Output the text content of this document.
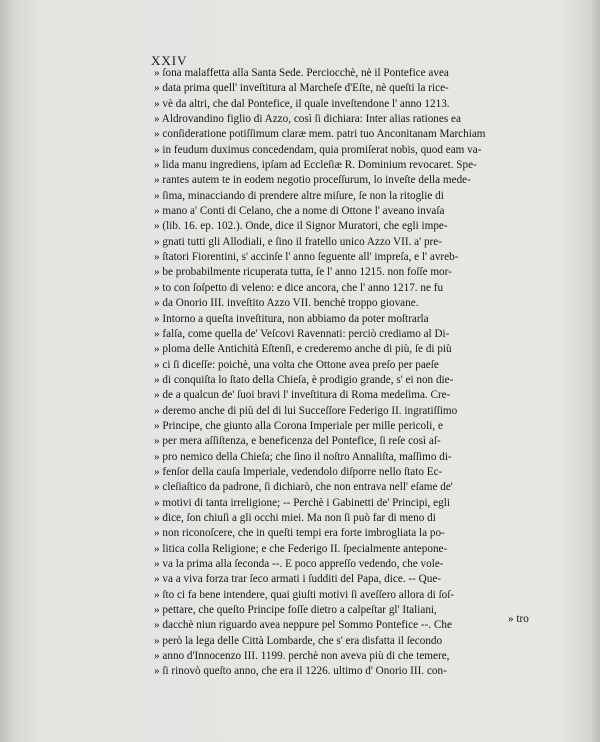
XXIV
» ſona malaffetta alla Santa Sede. Perciocchè, nè il Pontefice avea
» data prima quell' inveſtitura al Marcheſe d'Eſte, nè queſti la rice-
» vè da altri, che dal Pontefice, il quale inveſtendone l' anno 1213.
» Aldrovandino figlio di Azzo, così ſi dichiara: Inter alias rationes ea
» conſideratione potiſſimum claræ mem. patri tuo Anconitanam Marchiam
» in feudum duximus concedendam, quia promiſerat nobis, quod eam va-
» lida manu ingrediens, ipſam ad Eccleſiæ R. Dominium revocaret. Spe-
» rantes autem te in eodem negotio proceſſurum, lo inveſte della mede-
» ſima, minacciando di prendere altre miſure, ſe non la ritoglie di
» mano a' Conti di Celano, che a nome di Ottone l' aveano invaſa
» (lib. 16. ep. 102.). Onde, dice il Signor Muratori, che egli impe-
» gnati tutti gli Allodiali, e ſino il fratello unico Azzo VII. a' pre-
» ſtatori Fiorentini, s' accinſe l' anno ſeguente all' impreſa, e l' avreb-
» be probabilmente ricuperata tutta, ſe l' anno 1215. non foſſe mor-
» to con ſoſpetto di veleno: e dice ancora, che l' anno 1217. ne fu
» da Onorio III. inveſtito Azzo VII. benchè troppo giovane.
» Intorno a queſta inveſtitura, non abbiamo da poter moſtrarla
» falſa, come quella de' Veſcovi Ravennati: perciò crediamo al Di-
» ploma delle Antichità Eſtenſi, e crederemo anche di più, ſe di più
» ci ſi diceſſe: poichè, una volta che Ottone avea preſo per paeſe
» di conquiſta lo ſtato della Chieſa, è prodigio grande, s' ei non die-
» de a qualcun de' ſuoi bravi l' inveſtitura di Roma medeſima. Cre-
» deremo anche di più del di lui Succeſſore Federigo II. ingratiſſimo
» Principe, che giunto alla Corona Imperiale per mille pericoli, e
» per mera aſſiſtenza, e beneficenza del Pontefice, ſi reſe così aſ-
» pro nemico della Chieſa; che ſino il noſtro Annaliſta, maſſimo di-
» fenſor della cauſa Imperiale, vedendolo diſporre nello ſtato Ec-
» cleſiaſtico da padrone, ſi dichiarò, che non entrava nell' eſame de'
» motivi di tanta irreligione; -- Perchè i Gabinetti de' Principi, egli
» dice, ſon chiuſi a gli occhi miei. Ma non ſi può far di meno di
» non riconoſcere, che in queſti tempi era forte imbrogliata la po-
» litica colla Religione; e che Federigo II. ſpecialmente antepone-
» va la prima alla ſeconda --. E poco appreſſo vedendo, che vole-
» va a viva forza trar ſeco armati i ſudditi del Papa, dice. -- Que-
» ſto ci fa bene intendere, quai giuſti motivi ſi aveſſero allora di ſoſ-
» pettare, che queſto Principe foſſe dietro a calpeſtar gl' Italiani,
» dacchè niun riguardo avea neppure pel Sommo Pontefice --. Che
» però la lega delle Città Lombarde, che s' era disfatta il ſecondo
» anno d'Innocenzo III. 1199. perchè non aveva più di che temere,
» ſi rinovò queſto anno, che era il 1226. ultimo d' Onorio III. con-
» tro
